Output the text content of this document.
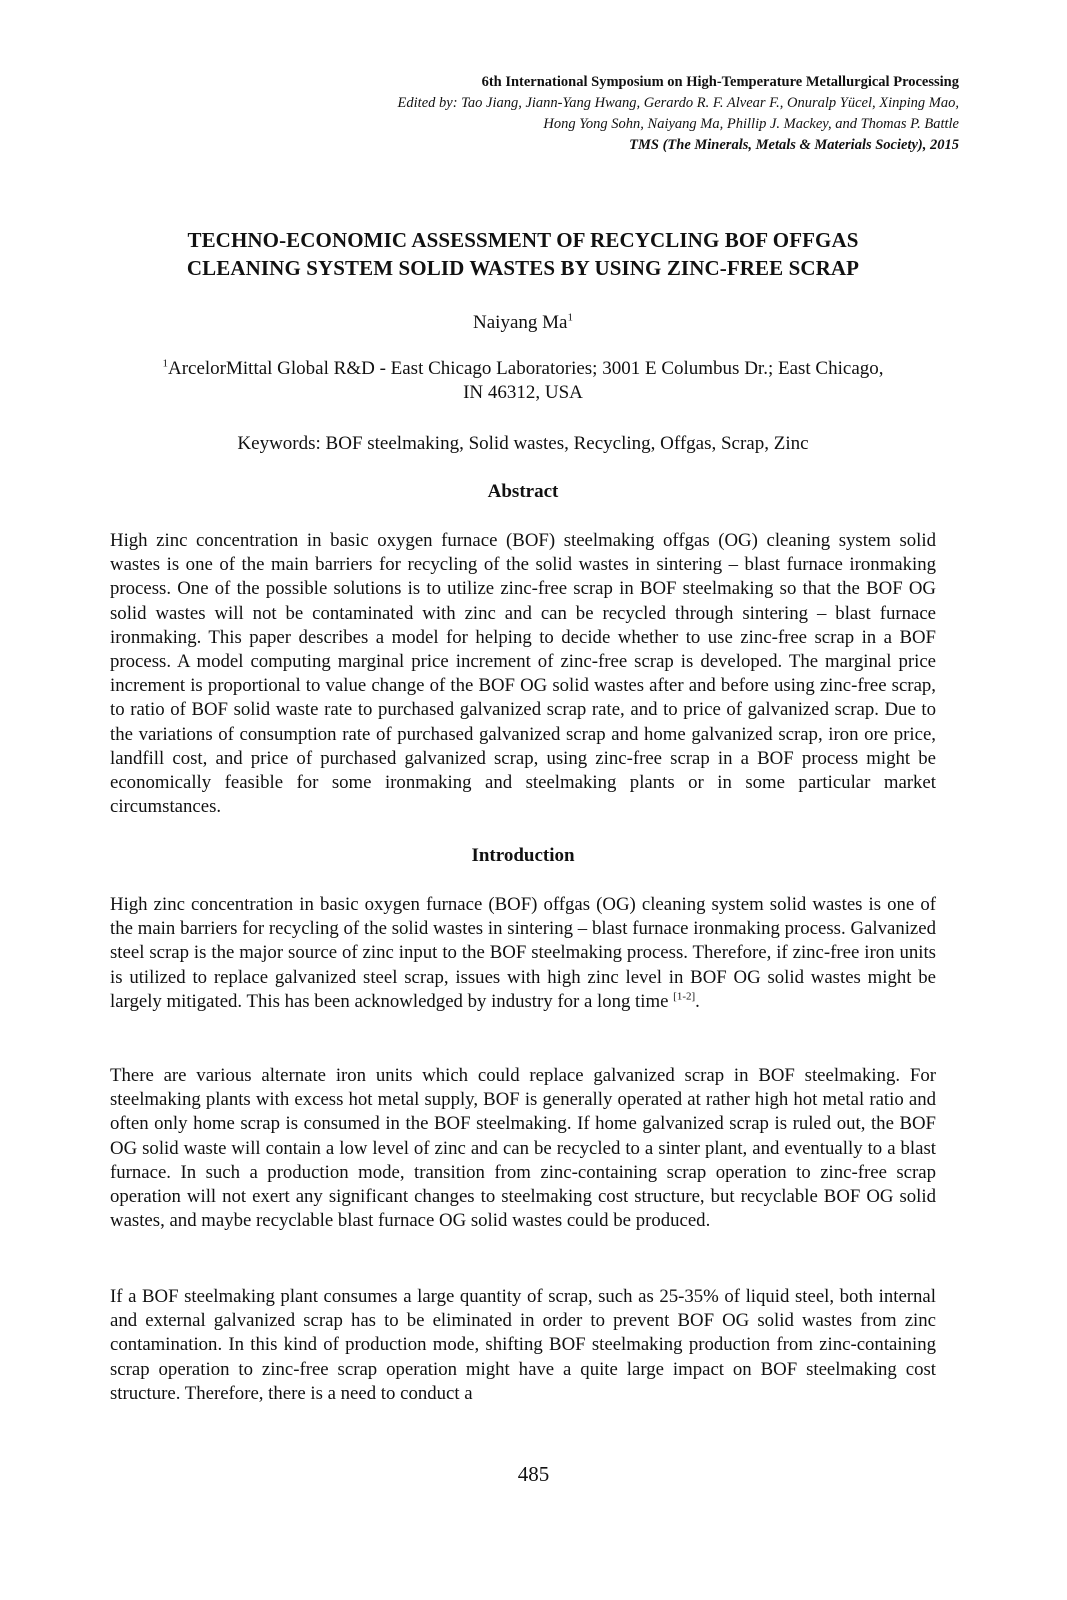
6th International Symposium on High-Temperature Metallurgical Processing
Edited by: Tao Jiang, Jiann-Yang Hwang, Gerardo R. F. Alvear F., Onuralp Yücel, Xinping Mao,
Hong Yong Sohn, Naiyang Ma, Phillip J. Mackey, and Thomas P. Battle
TMS (The Minerals, Metals & Materials Society), 2015
TECHNO-ECONOMIC ASSESSMENT OF RECYCLING BOF OFFGAS
CLEANING SYSTEM SOLID WASTES BY USING ZINC-FREE SCRAP
Naiyang Ma$^1$
$^1$ArcelorMittal Global R&D - East Chicago Laboratories; 3001 E Columbus Dr.; East Chicago,
IN 46312, USA
Keywords: BOF steelmaking, Solid wastes, Recycling, Offgas, Scrap, Zinc
Abstract
High zinc concentration in basic oxygen furnace (BOF) steelmaking offgas (OG) cleaning system solid wastes is one of the main barriers for recycling of the solid wastes in sintering – blast furnace ironmaking process. One of the possible solutions is to utilize zinc-free scrap in BOF steelmaking so that the BOF OG solid wastes will not be contaminated with zinc and can be recycled through sintering – blast furnace ironmaking. This paper describes a model for helping to decide whether to use zinc-free scrap in a BOF process. A model computing marginal price increment of zinc-free scrap is developed. The marginal price increment is proportional to value change of the BOF OG solid wastes after and before using zinc-free scrap, to ratio of BOF solid waste rate to purchased galvanized scrap rate, and to price of galvanized scrap. Due to the variations of consumption rate of purchased galvanized scrap and home galvanized scrap, iron ore price, landfill cost, and price of purchased galvanized scrap, using zinc-free scrap in a BOF process might be economically feasible for some ironmaking and steelmaking plants or in some particular market circumstances.
Introduction
High zinc concentration in basic oxygen furnace (BOF) offgas (OG) cleaning system solid wastes is one of the main barriers for recycling of the solid wastes in sintering – blast furnace ironmaking process. Galvanized steel scrap is the major source of zinc input to the BOF steelmaking process. Therefore, if zinc-free iron units is utilized to replace galvanized steel scrap, issues with high zinc level in BOF OG solid wastes might be largely mitigated. This has been acknowledged by industry for a long time [1-2].
There are various alternate iron units which could replace galvanized scrap in BOF steelmaking. For steelmaking plants with excess hot metal supply, BOF is generally operated at rather high hot metal ratio and often only home scrap is consumed in the BOF steelmaking. If home galvanized scrap is ruled out, the BOF OG solid waste will contain a low level of zinc and can be recycled to a sinter plant, and eventually to a blast furnace. In such a production mode, transition from zinc-containing scrap operation to zinc-free scrap operation will not exert any significant changes to steelmaking cost structure, but recyclable BOF OG solid wastes, and maybe recyclable blast furnace OG solid wastes could be produced.
If a BOF steelmaking plant consumes a large quantity of scrap, such as 25-35% of liquid steel, both internal and external galvanized scrap has to be eliminated in order to prevent BOF OG solid wastes from zinc contamination. In this kind of production mode, shifting BOF steelmaking production from zinc-containing scrap operation to zinc-free scrap operation might have a quite large impact on BOF steelmaking cost structure. Therefore, there is a need to conduct a
485
